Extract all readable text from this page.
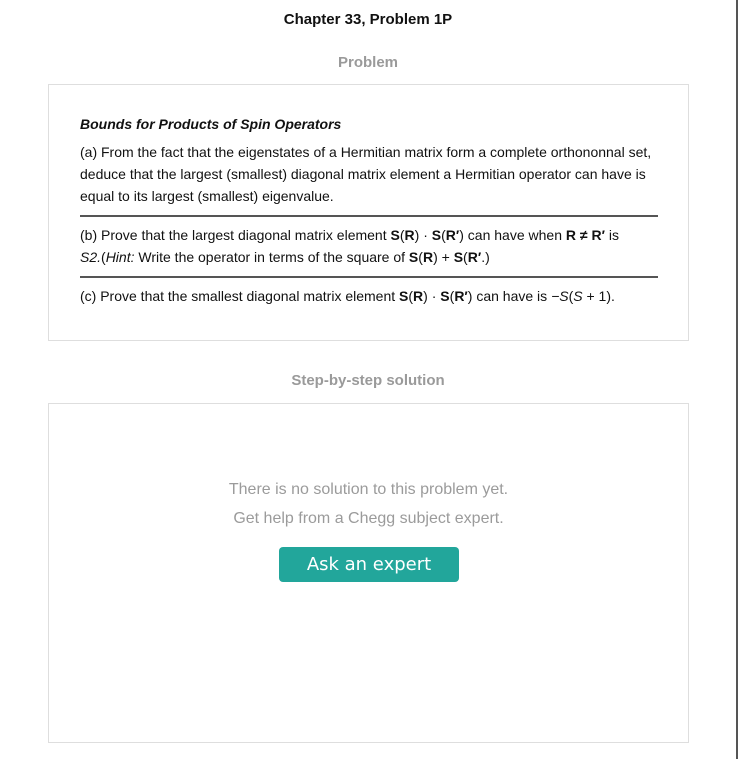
Chapter 33, Problem 1P
Problem

Bounds for Products of Spin Operators

(a) From the fact that the eigenstates of a Hermitian matrix form a complete orthononnal set, deduce that the largest (smallest) diagonal matrix element a Hermitian operator can have is equal to its largest (smallest) eigenvalue.

(b) Prove that the largest diagonal matrix element S(R) · S(R′) can have when R ≠ R′ is
S2.(Hint: Write the operator in terms of the square of S(R) + S(R′.)

(c) Prove that the smallest diagonal matrix element S(R) · S(R′) can have is −S(S + 1).

Step-by-step solution
There is no solution to this problem yet.
Get help from a Chegg subject expert.
Ask an expert
